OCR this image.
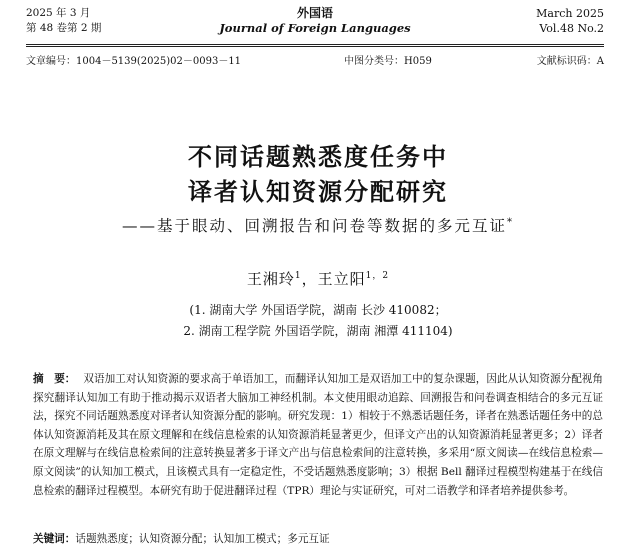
2025 年 3 月
第 48 卷第 2 期
外国语
Journal of Foreign Languages
March 2025
Vol.48 No.2
文章编号：1004－5139(2025)02－0093－11	中图分类号：H059	文献标识码：A
不同话题熟悉度任务中
译者认知资源分配研究
——基于眼动、回溯报告和问卷等数据的多元互证*
王湘玲$^1$，王立阳$^{1,2}$
(1. 湖南大学 外国语学院，湖南 长沙 410082；
2. 湖南工程学院 外国语学院，湖南 湘潭 411104)
摘　要： 双语加工对认知资源的要求高于单语加工，而翻译认知加工是双语加工中的复杂课题，因此从认知资源分配视角探究翻译认知加工有助于推动揭示双语者大脑加工神经机制。本文使用眼动追踪、回溯报告和问卷调查相结合的多元互证法，探究不同话题熟悉度对译者认知资源分配的影响。研究发现：1）相较于不熟悉话题任务，译者在熟悉话题任务中的总体认知资源消耗及其在原文理解和在线信息检索的认知资源消耗显著更少，但译文产出的认知资源消耗显著更多；2）译者在原文理解与在线信息检索间的注意转换显著多于译文产出与信息检索间的注意转换，多采用“原文阅读—在线信息检索—原文阅读”的认知加工模式，且该模式具有一定稳定性，不受话题熟悉度影响；3）根据 Bell 翻译过程模型构建基于在线信息检索的翻译过程模型。本研究有助于促进翻译过程（TPR）理论与实证研究，可对二语教学和译者培养提供参考。
关键词：话题熟悉度；认知资源分配；认知加工模式；多元互证
